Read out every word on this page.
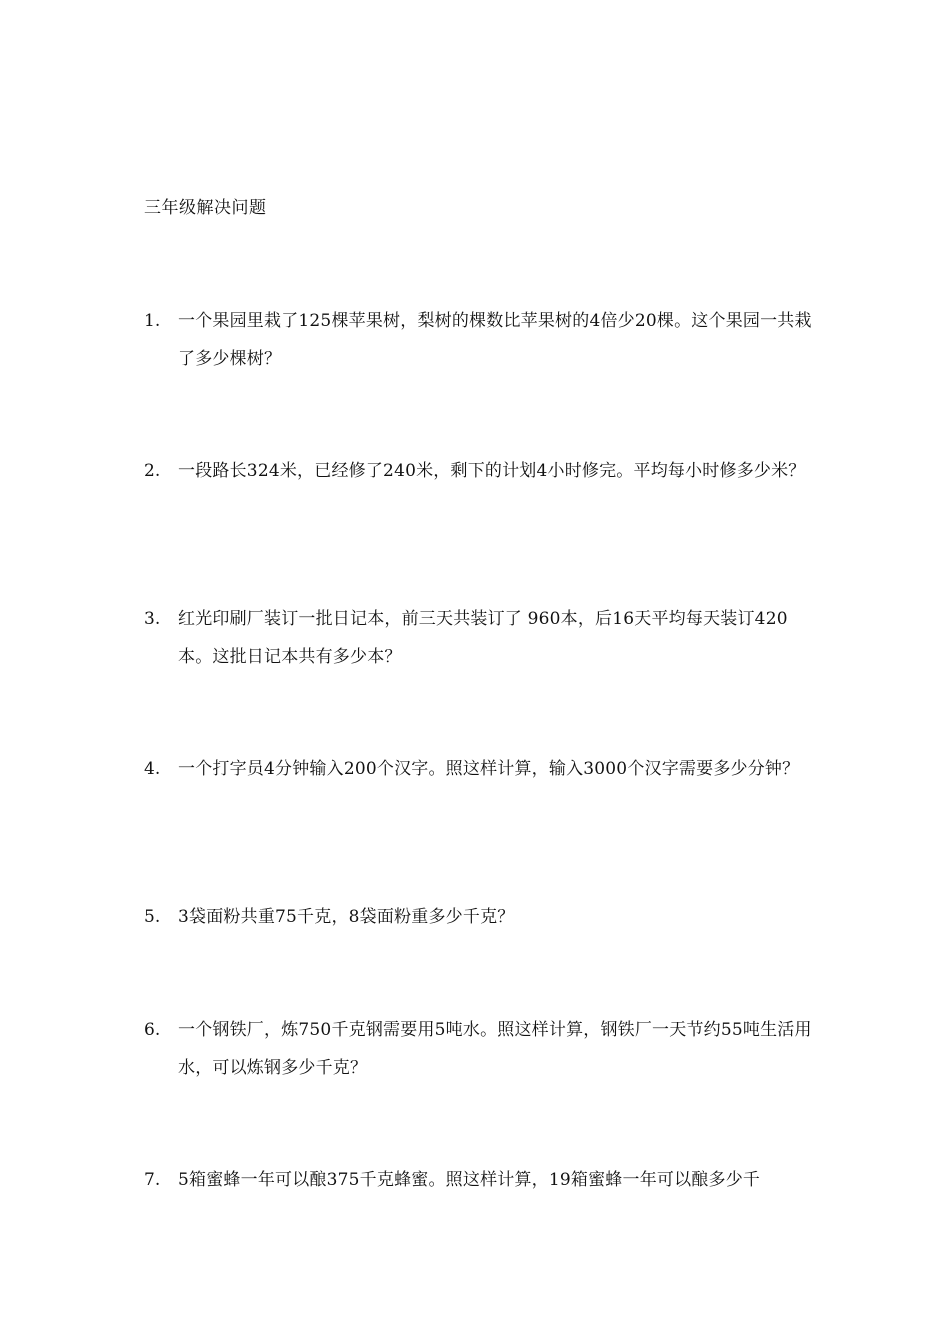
三年级解决问题
1.	一个果园里栽了125棵苹果树，梨树的棵数比苹果树的4倍少20棵。这个果园一共栽了多少棵树？
2.	一段路长324米，已经修了240米，剩下的计划4小时修完。平均每小时修多少米？
3.	红光印刷厂装订一批日记本，前三天共装订了 960本，后16天平均每天装订420本。这批日记本共有多少本？
4.	一个打字员4分钟输入200个汉字。照这样计算，输入3000个汉字需要多少分钟？
5.	3袋面粉共重75千克，8袋面粉重多少千克？
6.	一个钢铁厂，炼750千克钢需要用5吨水。照这样计算，钢铁厂一天节约55吨生活用水，可以炼钢多少千克？
7.	5箱蜜蜂一年可以酿375千克蜂蜜。照这样计算，19箱蜜蜂一年可以酿多少千
